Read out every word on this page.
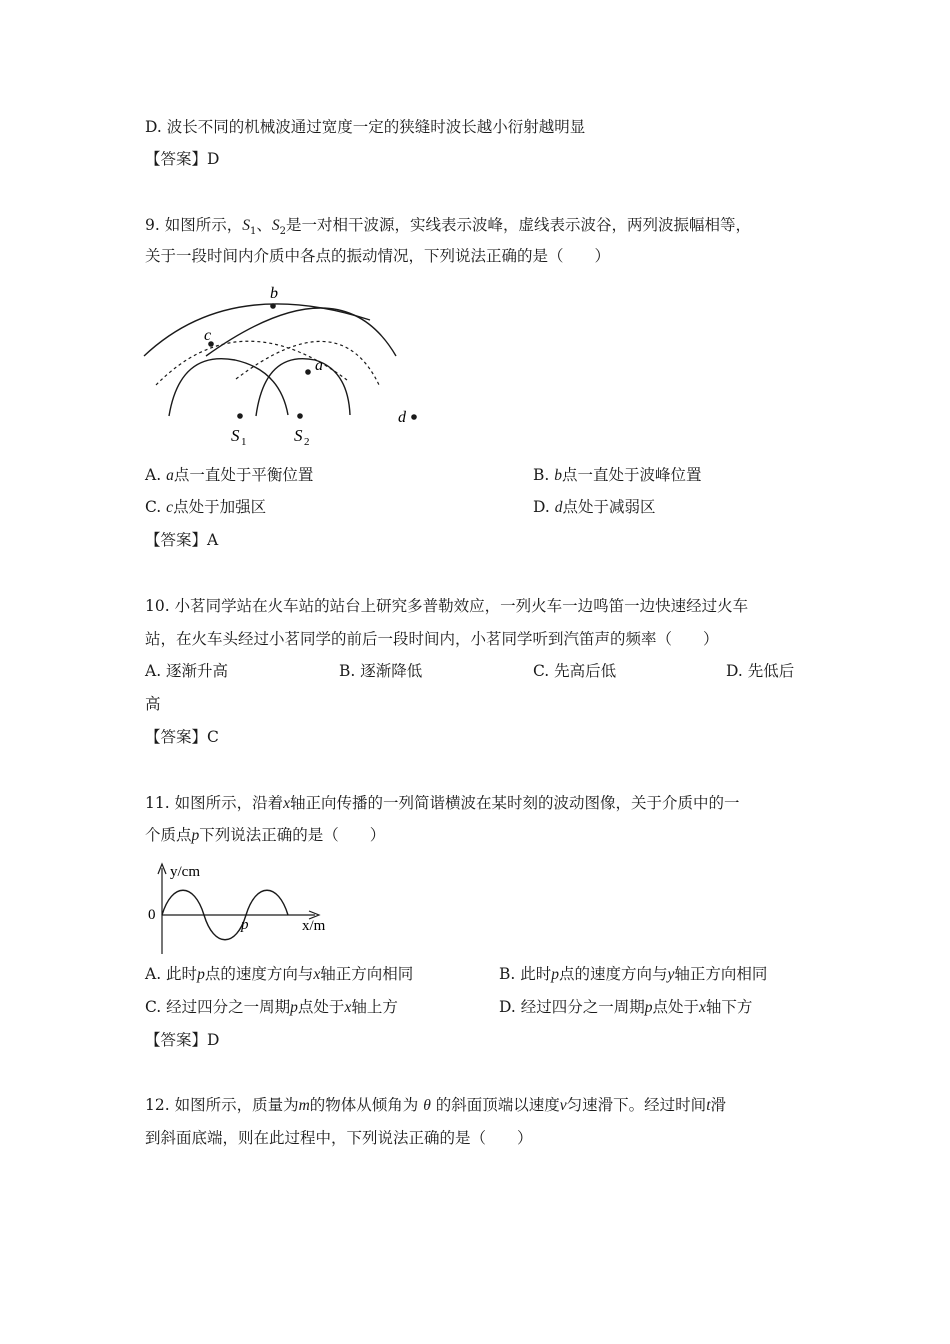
D. 波长不同的机械波通过宽度一定的狭缝时波长越小衍射越明显
【答案】D
9. 如图所示，$S_1$、$S_2$是一对相干波源，实线表示波峰，虚线表示波谷，两列波振幅相等，
关于一段时间内介质中各点的振动情况，下列说法正确的是（　　）
b
c
a
S 1	S 2
d
A. a点一直处于平衡位置	B. b点一直处于波峰位置
C. c点处于加强区	D. d点处于减弱区
【答案】A
10. 小茗同学站在火车站的站台上研究多普勒效应，一列火车一边鸣笛一边快速经过火车
站，在火车头经过小茗同学的前后一段时间内，小茗同学听到汽笛声的频率（　　）
A. 逐渐升高	B. 逐渐降低	C. 先高后低	D. 先低后
高
【答案】C
11. 如图所示，沿着x轴正向传播的一列简谐横波在某时刻的波动图像，关于介质中的一
个质点p下列说法正确的是（　　）
y/cm
x/m
0
p
A. 此时p点的速度方向与x轴正方向相同	B. 此时p点的速度方向与y轴正方向相同
C. 经过四分之一周期p点处于x轴上方	D. 经过四分之一周期p点处于x轴下方
【答案】D
12. 如图所示，质量为m的物体从倾角为 θ 的斜面顶端以速度v匀速滑下。经过时间t滑
到斜面底端，则在此过程中，下列说法正确的是（　　）
